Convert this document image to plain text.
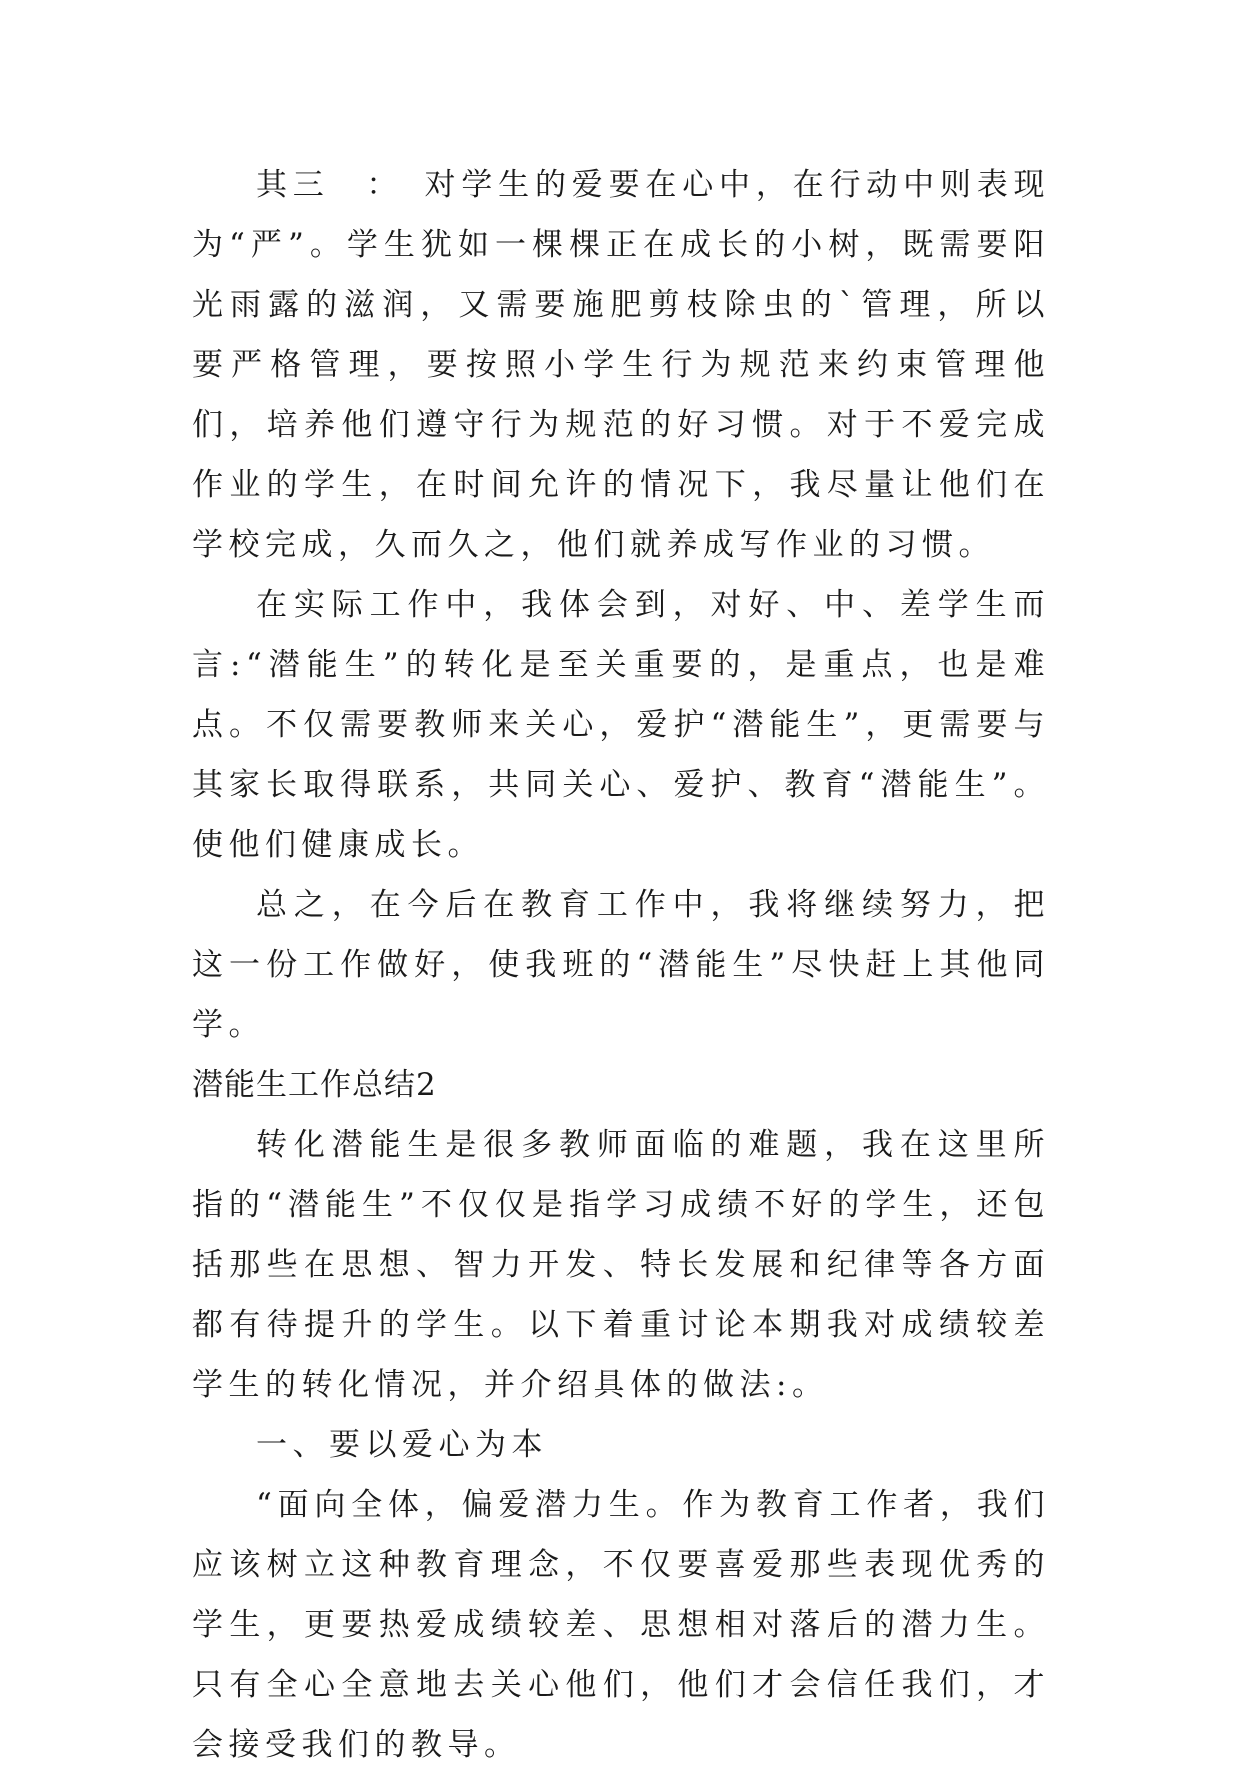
其三　：　对学生的爱要在心中，在行动中则表现为“严”。学生犹如一棵棵正在成长的小树，既需要阳光雨露的滋润，又需要施肥剪枝除虫的`管理，所以要严格管理，要按照小学生行为规范来约束管理他们，培养他们遵守行为规范的好习惯。对于不爱完成作业的学生，在时间允许的情况下，我尽量让他们在学校完成，久而久之，他们就养成写作业的习惯。

在实际工作中，我体会到，对好、中、差学生而言:“潜能生”的转化是至关重要的，是重点，也是难点。不仅需要教师来关心，爱护“潜能生”，更需要与其家长取得联系，共同关心、爱护、教育“潜能生”。使他们健康成长。

总之，在今后在教育工作中，我将继续努力，把这一份工作做好，使我班的“潜能生”尽快赶上其他同学。

潜能生工作总结2

转化潜能生是很多教师面临的难题，我在这里所指的“潜能生”不仅仅是指学习成绩不好的学生，还包括那些在思想、智力开发、特长发展和纪律等各方面都有待提升的学生。以下着重讨论本期我对成绩较差学生的转化情况，并介绍具体的做法:。

一、要以爱心为本

“面向全体，偏爱潜力生。作为教育工作者，我们应该树立这种教育理念，不仅要喜爱那些表现优秀的学生，更要热爱成绩较差、思想相对落后的潜力生。只有全心全意地去关心他们，他们才会信任我们，才会接受我们的教导。
